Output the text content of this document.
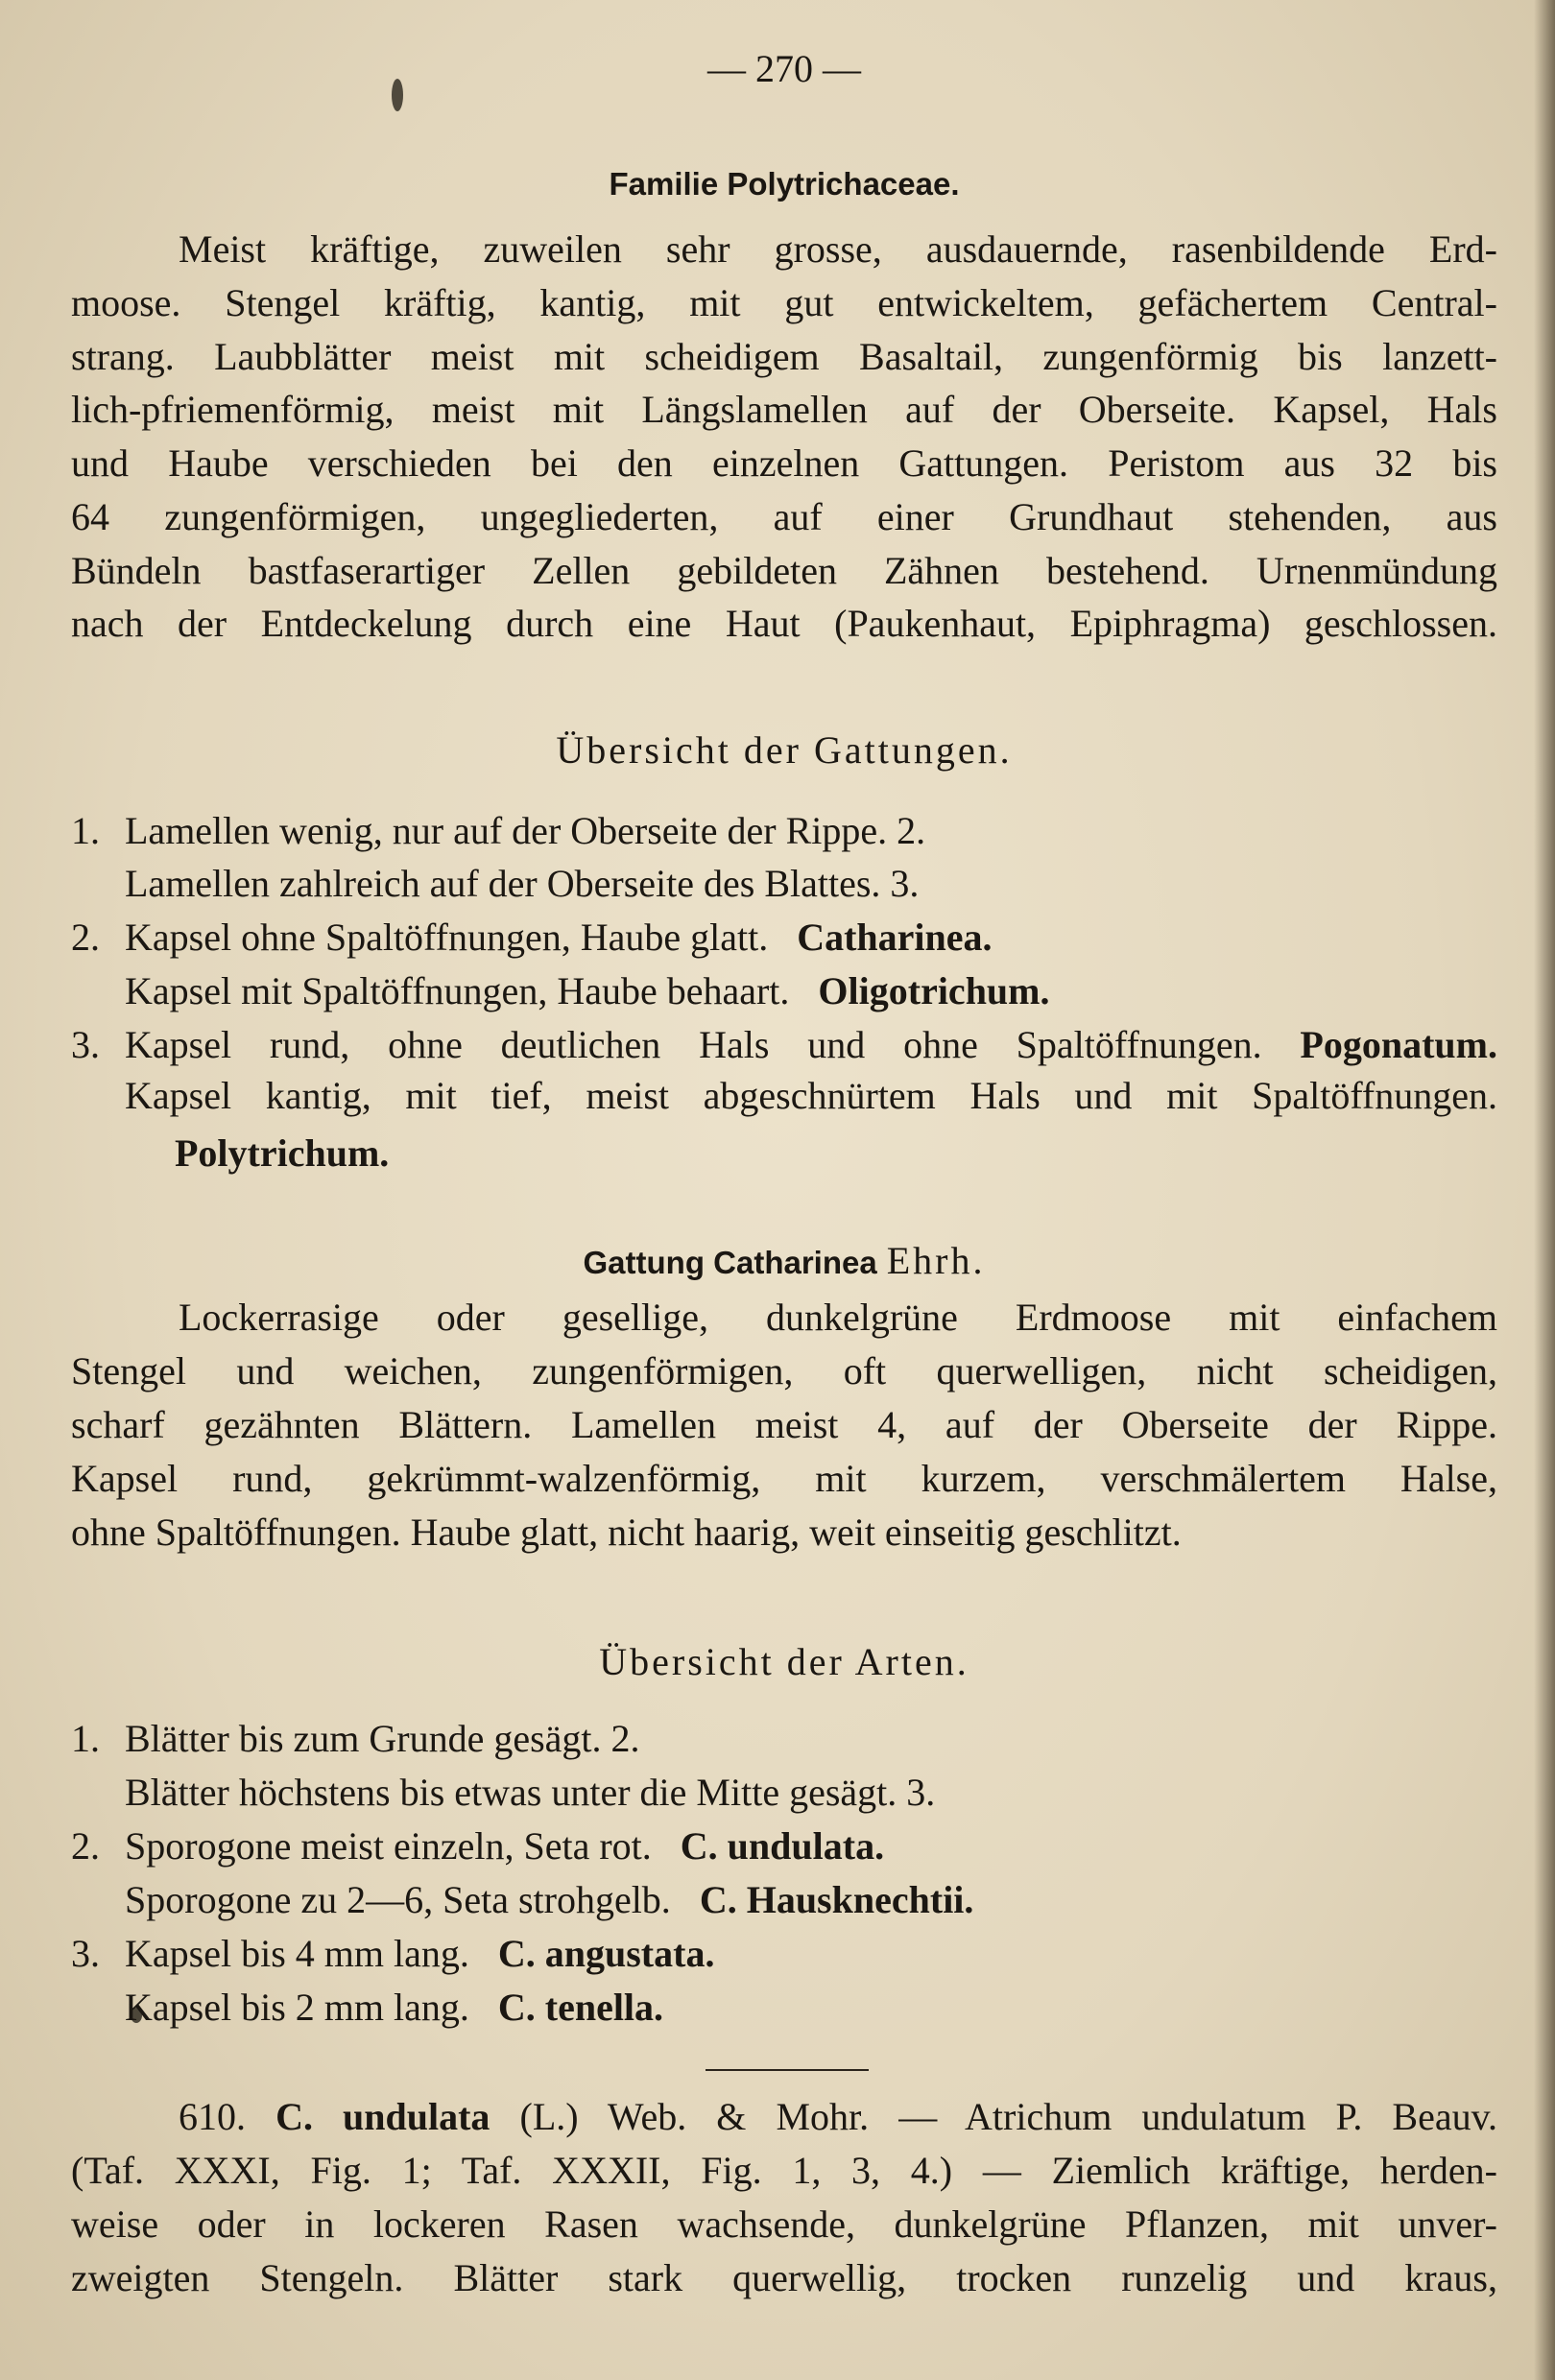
— 270 —
Familie Polytrichaceae.
Meist kräftige, zuweilen sehr grosse, ausdauernde, rasenbildende Erd-
moose. Stengel kräftig, kantig, mit gut entwickeltem, gefächertem Central-
strang. Laubblätter meist mit scheidigem Basaltail, zungenförmig bis lanzett-
lich-pfriemenförmig, meist mit Längslamellen auf der Oberseite. Kapsel, Hals
und Haube verschieden bei den einzelnen Gattungen. Peristom aus 32 bis
64 zungenförmigen, ungegliederten, auf einer Grundhaut stehenden, aus
Bündeln bastfaserartiger Zellen gebildeten Zähnen bestehend. Urnenmündung
nach der Entdeckelung durch eine Haut (Paukenhaut, Epiphragma) geschlossen.
Übersicht der Gattungen.
1. Lamellen wenig, nur auf der Oberseite der Rippe. 2.
Lamellen zahlreich auf der Oberseite des Blattes. 3.
2. Kapsel ohne Spaltöffnungen, Haube glatt. Catharinea.
Kapsel mit Spaltöffnungen, Haube behaart. Oligotrichum.
3. Kapsel rund, ohne deutlichen Hals und ohne Spaltöffnungen. Pogonatum.
Kapsel kantig, mit tief, meist abgeschnürtem Hals und mit Spaltöffnungen.
Polytrichum.
Gattung Catharinea Ehrh.
Lockerrasige oder gesellige, dunkelgrüne Erdmoose mit einfachem
Stengel und weichen, zungenförmigen, oft querwelligen, nicht scheidigen,
scharf gezähnten Blättern. Lamellen meist 4, auf der Oberseite der Rippe.
Kapsel rund, gekrümmt-walzenförmig, mit kurzem, verschmälertem Halse,
ohne Spaltöffnungen. Haube glatt, nicht haarig, weit einseitig geschlitzt.
Übersicht der Arten.
1. Blätter bis zum Grunde gesägt. 2.
Blätter höchstens bis etwas unter die Mitte gesägt. 3.
2. Sporogone meist einzeln, Seta rot. C. undulata.
Sporogone zu 2—6, Seta strohgelb. C. Hausknechtii.
3. Kapsel bis 4 mm lang. C. angustata.
Kapsel bis 2 mm lang. C. tenella.
610. C. undulata (L.) Web. & Mohr. — Atrichum undulatum P. Beauv.
(Taf. XXXI, Fig. 1; Taf. XXXII, Fig. 1, 3, 4.) — Ziemlich kräftige, herden-
weise oder in lockeren Rasen wachsende, dunkelgrüne Pflanzen, mit unver-
zweigten Stengeln. Blätter stark querwellig, trocken runzelig und kraus,
